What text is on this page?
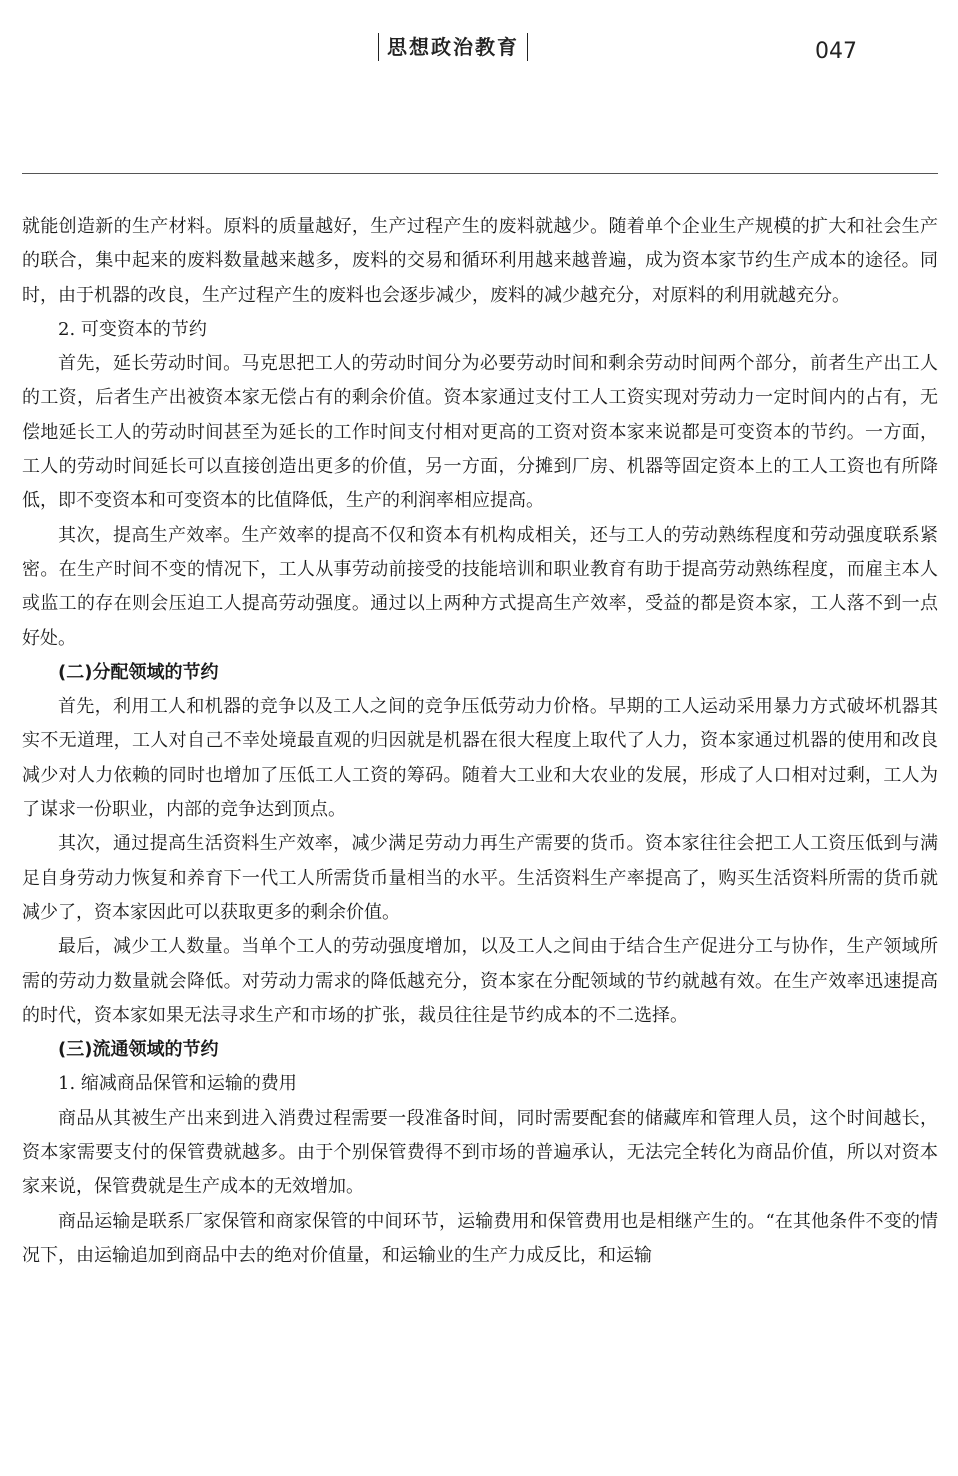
思想政治教育	047

就能创造新的生产材料。原料的质量越好，生产过程产生的废料就越少。随着单个企业生产规模的扩大和社会生产的联合，集中起来的废料数量越来越多，废料的交易和循环利用越来越普遍，成为资本家节约生产成本的途径。同时，由于机器的改良，生产过程产生的废料也会逐步减少，废料的减少越充分，对原料的利用就越充分。

2. 可变资本的节约

首先，延长劳动时间。马克思把工人的劳动时间分为必要劳动时间和剩余劳动时间两个部分，前者生产出工人的工资，后者生产出被资本家无偿占有的剩余价值。资本家通过支付工人工资实现对劳动力一定时间内的占有，无偿地延长工人的劳动时间甚至为延长的工作时间支付相对更高的工资对资本家来说都是可变资本的节约。一方面，工人的劳动时间延长可以直接创造出更多的价值，另一方面，分摊到厂房、机器等固定资本上的工人工资也有所降低，即不变资本和可变资本的比值降低，生产的利润率相应提高。

其次，提高生产效率。生产效率的提高不仅和资本有机构成相关，还与工人的劳动熟练程度和劳动强度联系紧密。在生产时间不变的情况下，工人从事劳动前接受的技能培训和职业教育有助于提高劳动熟练程度，而雇主本人或监工的存在则会压迫工人提高劳动强度。通过以上两种方式提高生产效率，受益的都是资本家，工人落不到一点好处。

(二)分配领域的节约

首先，利用工人和机器的竞争以及工人之间的竞争压低劳动力价格。早期的工人运动采用暴力方式破坏机器其实不无道理，工人对自己不幸处境最直观的归因就是机器在很大程度上取代了人力，资本家通过机器的使用和改良减少对人力依赖的同时也增加了压低工人工资的筹码。随着大工业和大农业的发展，形成了人口相对过剩，工人为了谋求一份职业，内部的竞争达到顶点。

其次，通过提高生活资料生产效率，减少满足劳动力再生产需要的货币。资本家往往会把工人工资压低到与满足自身劳动力恢复和养育下一代工人所需货币量相当的水平。生活资料生产率提高了，购买生活资料所需的货币就减少了，资本家因此可以获取更多的剩余价值。

最后，减少工人数量。当单个工人的劳动强度增加，以及工人之间由于结合生产促进分工与协作，生产领域所需的劳动力数量就会降低。对劳动力需求的降低越充分，资本家在分配领域的节约就越有效。在生产效率迅速提高的时代，资本家如果无法寻求生产和市场的扩张，裁员往往是节约成本的不二选择。

(三)流通领域的节约

1. 缩减商品保管和运输的费用

商品从其被生产出来到进入消费过程需要一段准备时间，同时需要配套的储藏库和管理人员，这个时间越长，资本家需要支付的保管费就越多。由于个别保管费得不到市场的普遍承认，无法完全转化为商品价值，所以对资本家来说，保管费就是生产成本的无效增加。

商品运输是联系厂家保管和商家保管的中间环节，运输费用和保管费用也是相继产生的。“在其他条件不变的情况下，由运输追加到商品中去的绝对价值量，和运输业的生产力成反比，和运输
